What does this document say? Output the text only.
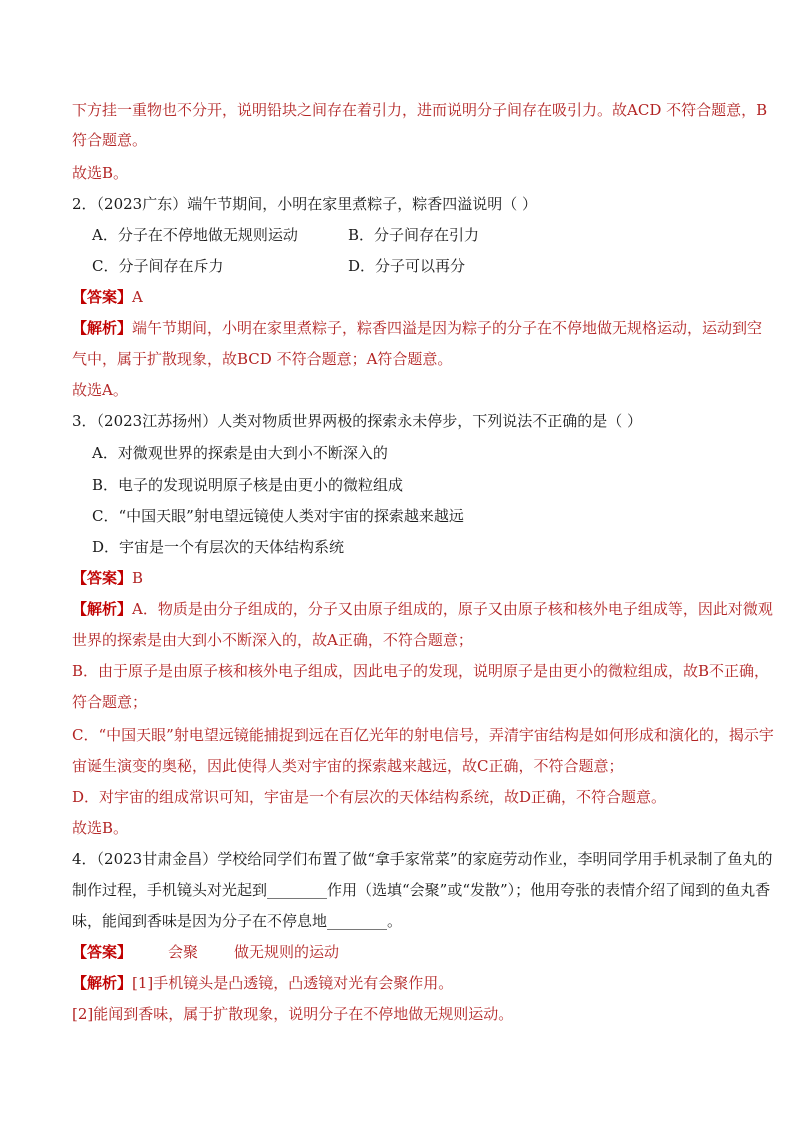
下方挂一重物也不分开，说明铅块之间存在着引力，进而说明分子间存在吸引力。故ACD 不符合题意，B
符合题意。
故选B。
2．（2023广东）端午节期间，小明在家里煮粽子，粽香四溢说明（ ）
A．分子在不停地做无规则运动	B．分子间存在引力
C．分子间存在斥力	D．分子可以再分
【答案】A
【解析】端午节期间，小明在家里煮粽子，粽香四溢是因为粽子的分子在不停地做无规格运动，运动到空
气中，属于扩散现象，故BCD 不符合题意；A符合题意。
故选A。
3．（2023江苏扬州）人类对物质世界两极的探索永未停步，下列说法不正确的是（ ）
A．对微观世界的探索是由大到小不断深入的
B．电子的发现说明原子核是由更小的微粒组成
C．“中国天眼”射电望远镜使人类对宇宙的探索越来越远
D．宇宙是一个有层次的天体结构系统
【答案】B
【解析】A．物质是由分子组成的，分子又由原子组成的，原子又由原子核和核外电子组成等，因此对微观
世界的探索是由大到小不断深入的，故A正确，不符合题意；
B．由于原子是由原子核和核外电子组成，因此电子的发现，说明原子是由更小的微粒组成，故B不正确，
符合题意；
C．“中国天眼”射电望远镜能捕捉到远在百亿光年的射电信号，弄清宇宙结构是如何形成和演化的，揭示宇
宙诞生演变的奥秘，因此使得人类对宇宙的探索越来越远，故C正确，不符合题意；
D．对宇宙的组成常识可知，宇宙是一个有层次的天体结构系统，故D正确，不符合题意。
故选B。
4．（2023甘肃金昌）学校给同学们布置了做“拿手家常菜”的家庭劳动作业，李明同学用手机录制了鱼丸的
制作过程，手机镜头对光起到________作用（选填“会聚”或“发散”）；他用夸张的表情介绍了闻到的鱼丸香
味，能闻到香味是因为分子在不停息地________。
【答案】 会聚 做无规则的运动
【解析】[1]手机镜头是凸透镜，凸透镜对光有会聚作用。
[2]能闻到香味，属于扩散现象，说明分子在不停地做无规则运动。
